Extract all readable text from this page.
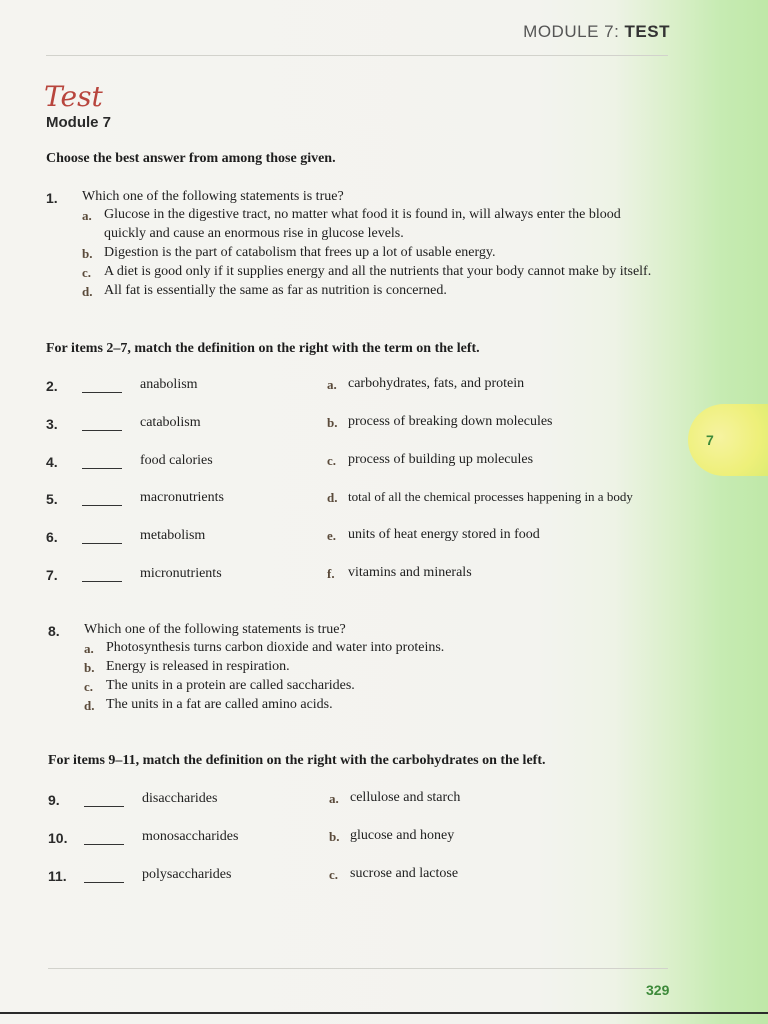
MODULE 7: TEST
Test
Module 7
Choose the best answer from among those given.
1. Which one of the following statements is true?
a. Glucose in the digestive tract, no matter what food it is found in, will always enter the blood
quickly and cause an enormous rise in glucose levels.
b. Digestion is the part of catabolism that frees up a lot of usable energy.
c. A diet is good only if it supplies energy and all the nutrients that your body cannot make by itself.
d. All fat is essentially the same as far as nutrition is concerned.
For items 2–7, match the definition on the right with the term on the left.
2.	anabolism	a. carbohydrates, fats, and protein
3.	catabolism	b. process of breaking down molecules
4.	food calories	c. process of building up molecules
5.	macronutrients	d. total of all the chemical processes happening in a body
6.	metabolism	e. units of heat energy stored in food
7.	micronutrients	f. vitamins and minerals
8. Which one of the following statements is true?
a. Photosynthesis turns carbon dioxide and water into proteins.
b. Energy is released in respiration.
c. The units in a protein are called saccharides.
d. The units in a fat are called amino acids.
For items 9–11, match the definition on the right with the carbohydrates on the left.
9.	disaccharides	a. cellulose and starch
10.	monosaccharides	b. glucose and honey
11.	polysaccharides	c. sucrose and lactose
7
329
